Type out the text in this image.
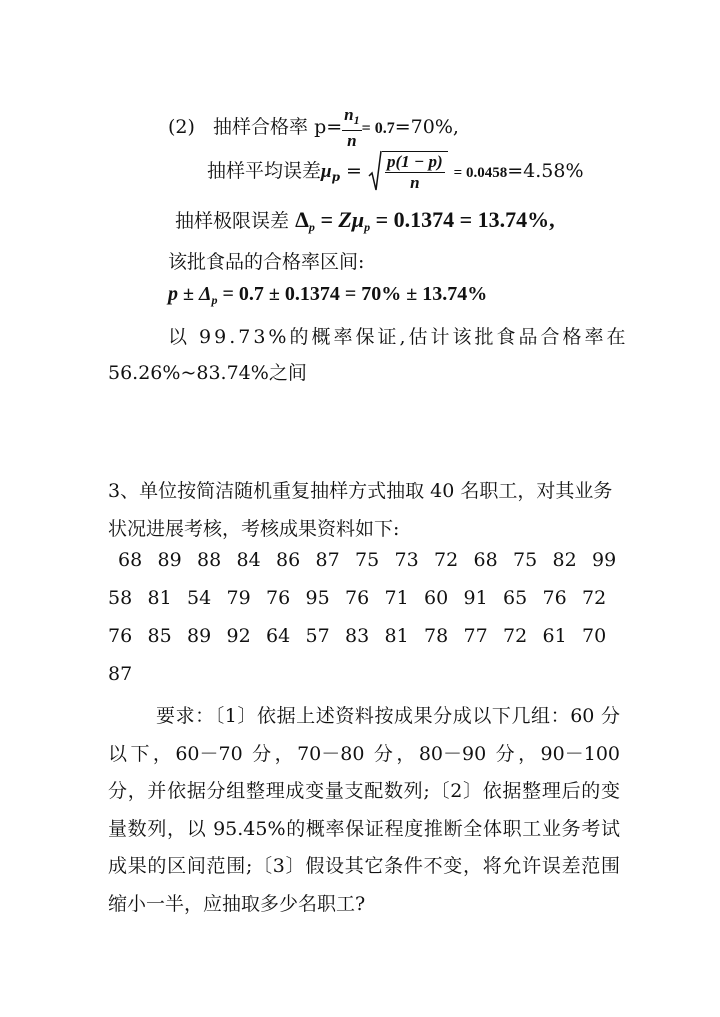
(2) 抽样合格率 $p= \frac{n_1}{n} = 0.7=70\%$,
抽样平均误差$\mu_p = \frac{p(1 - p)}{n} = 0.0458=4.58\%$
抽样极限误差 $\Delta_p = Z\mu_p = 0.1374 = 13.74\%$,
该批食品的合格率区间:
$p \pm \Delta_p = 0.7 \pm 0.1374 = 70\% \pm 13.74\%$
以 99.73%的概率保证,估计该批食品合格率在
56.26%~83.74%之间
3、单位按简洁随机重复抽样方式抽取 40 名职工，对其业务
状况进展考核，考核成果资料如下:
68 89 88 84 86 87 75 73 72 68 75 82 99
58 81 54 79 76 95 76 71 60 91 65 76 72
76 85 89 92 64 57 83 81 78 77 72 61 70
87
要求：〔1〕依据上述资料按成果分成以下几组：60 分以下，60－70 分，70－80 分，80－90 分，90－100 分，并依据分组整理成变量支配数列;〔2〕依据整理后的变量数列，以 95.45%的概率保证程度推断全体职工业务考试成果的区间范围;〔3〕假设其它条件不变，将允许误差范围缩小一半，应抽取多少名职工?
